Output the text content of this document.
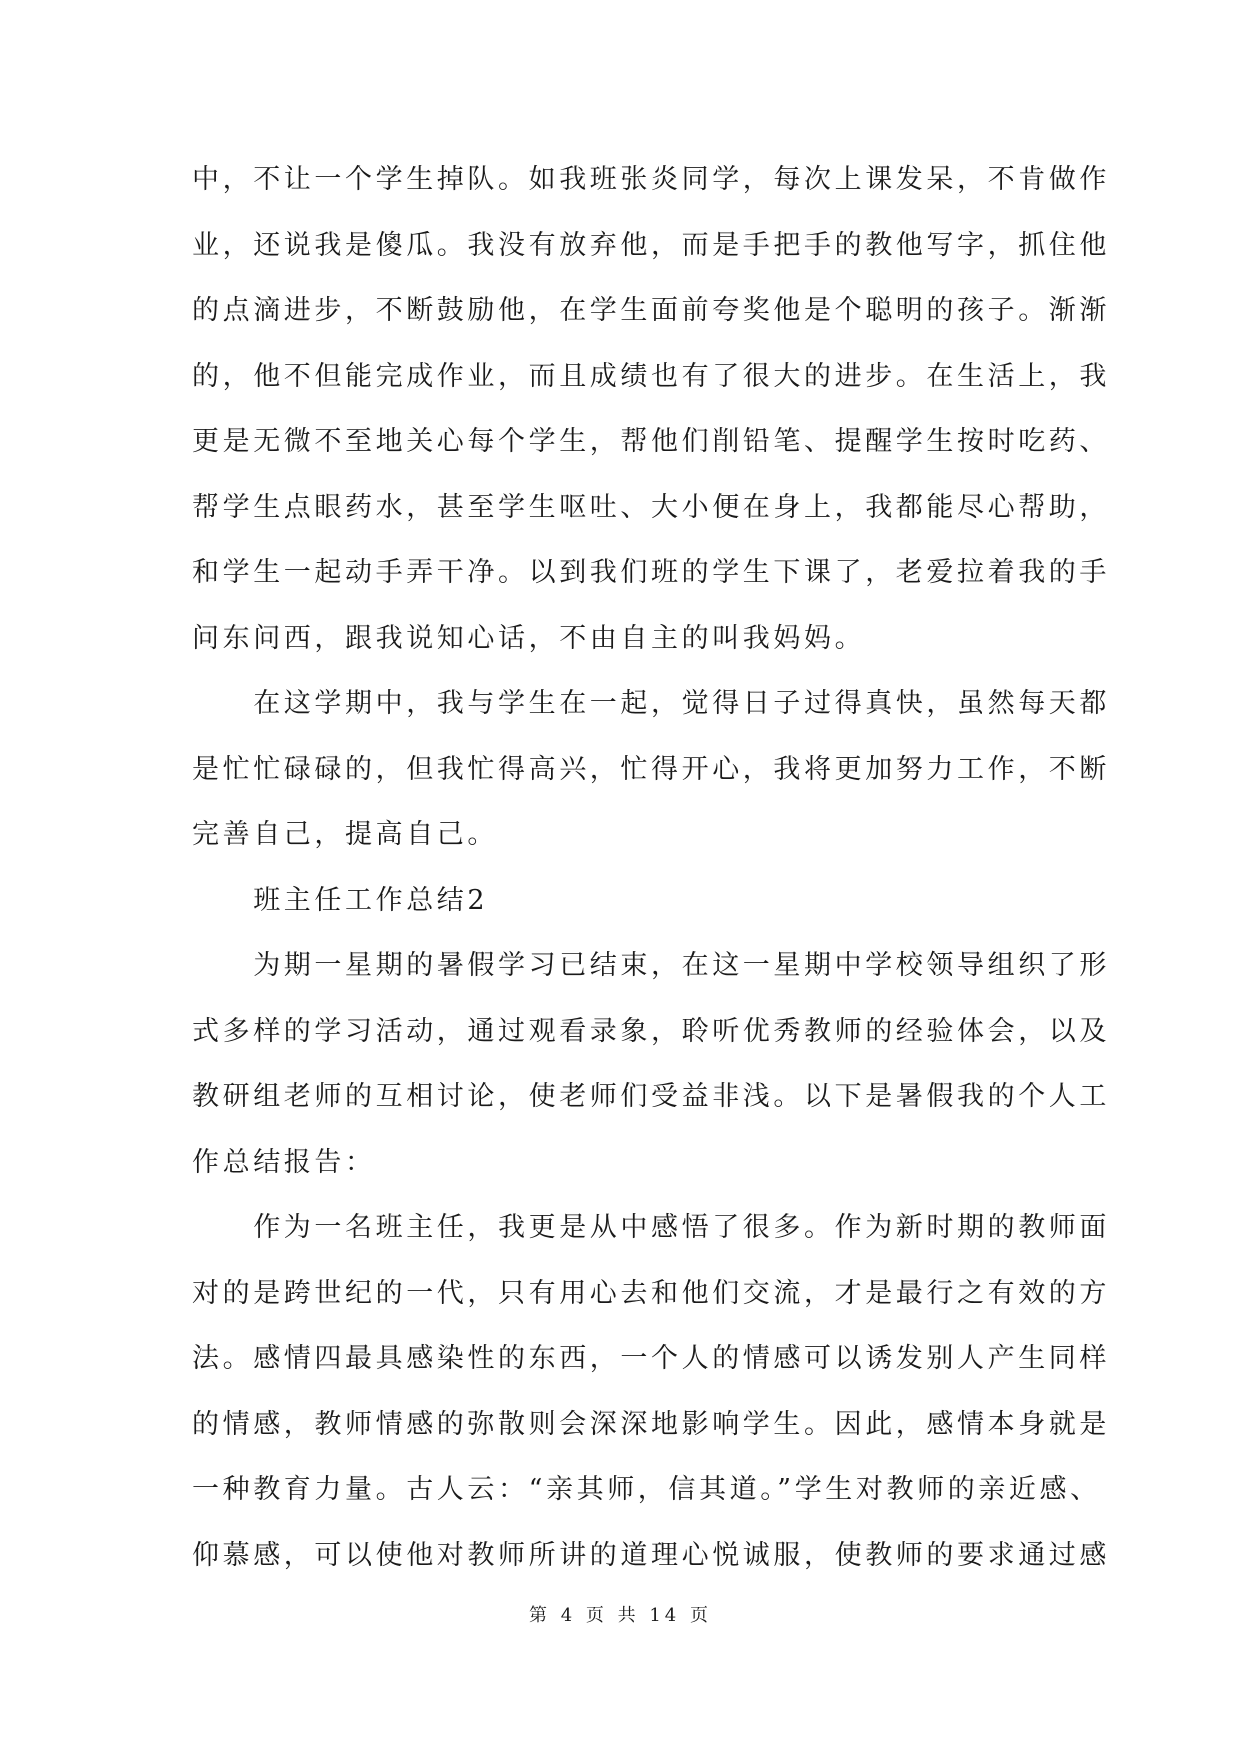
中，不让一个学生掉队。如我班张炎同学，每次上课发呆，不肯做作
业，还说我是傻瓜。我没有放弃他，而是手把手的教他写字，抓住他
的点滴进步，不断鼓励他，在学生面前夸奖他是个聪明的孩子。渐渐
的，他不但能完成作业，而且成绩也有了很大的进步。在生活上，我
更是无微不至地关心每个学生，帮他们削铅笔、提醒学生按时吃药、
帮学生点眼药水，甚至学生呕吐、大小便在身上，我都能尽心帮助，
和学生一起动手弄干净。以到我们班的学生下课了，老爱拉着我的手
问东问西，跟我说知心话，不由自主的叫我妈妈。
　　在这学期中，我与学生在一起，觉得日子过得真快，虽然每天都
是忙忙碌碌的，但我忙得高兴，忙得开心，我将更加努力工作，不断
完善自己，提高自己。
　　班主任工作总结2
　　为期一星期的暑假学习已结束，在这一星期中学校领导组织了形
式多样的学习活动，通过观看录象，聆听优秀教师的经验体会，以及
教研组老师的互相讨论，使老师们受益非浅。以下是暑假我的个人工
作总结报告：
　　作为一名班主任，我更是从中感悟了很多。作为新时期的教师面
对的是跨世纪的一代，只有用心去和他们交流，才是最行之有效的方
法。感情四最具感染性的东西，一个人的情感可以诱发别人产生同样
的情感，教师情感的弥散则会深深地影响学生。因此，感情本身就是
一种教育力量。古人云：“亲其师，信其道。”学生对教师的亲近感、
仰慕感，可以使他对教师所讲的道理心悦诚服，使教师的要求通过感
第 4 页 共 14 页
